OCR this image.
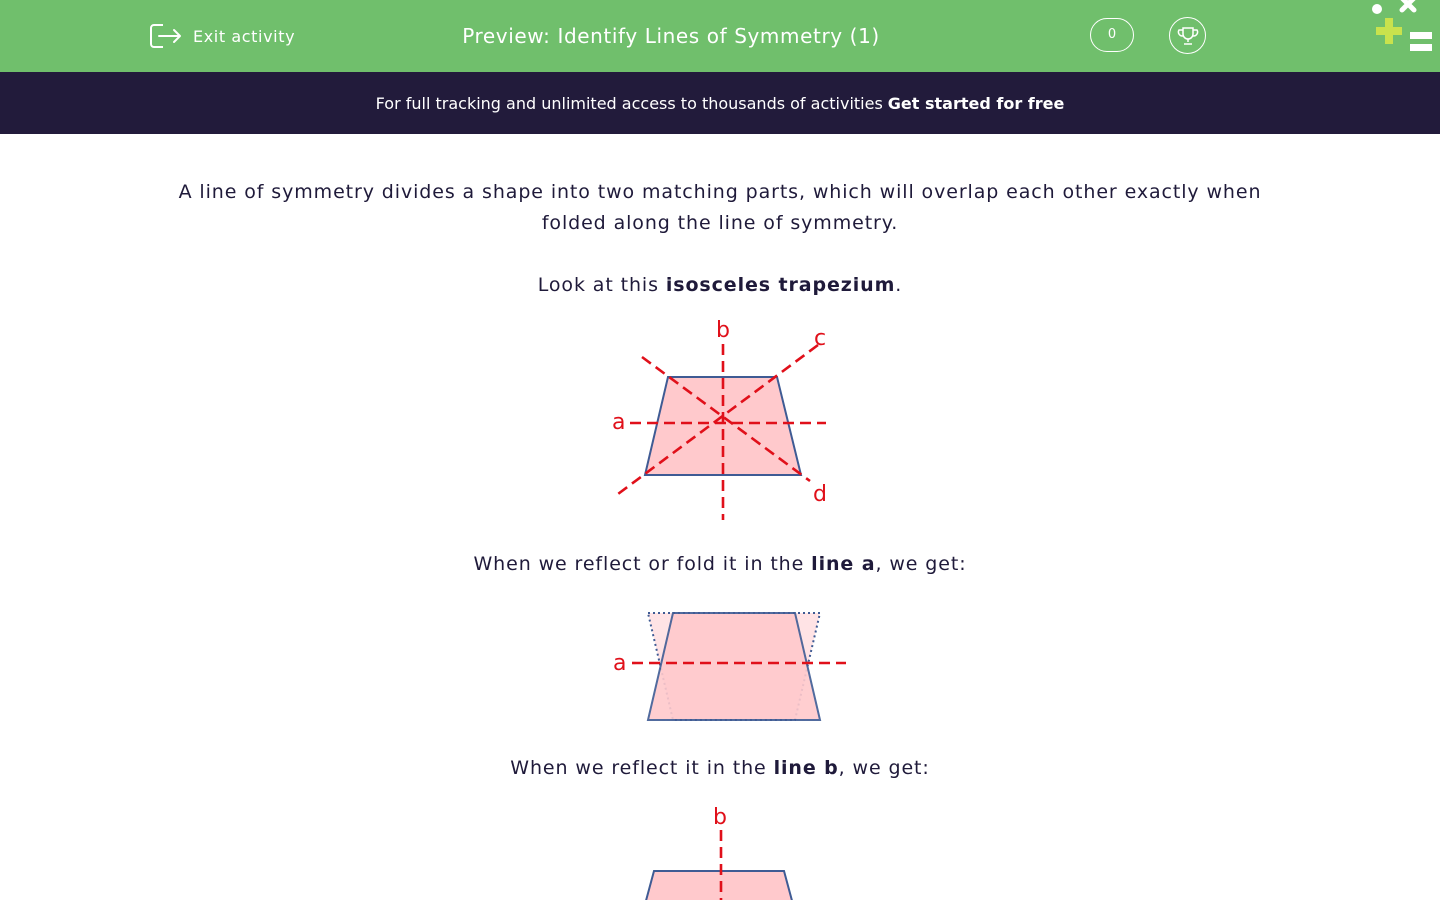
Exit activity	Preview: Identify Lines of Symmetry (1)	0
For full tracking and unlimited access to thousands of activities Get started for free
A line of symmetry divides a shape into two matching parts, which will overlap each other exactly when
folded along the line of symmetry.
Look at this isosceles trapezium.
a
b	c
d
When we reflect or fold it in the line a, we get:
a
When we reflect it in the line b, we get:
b
